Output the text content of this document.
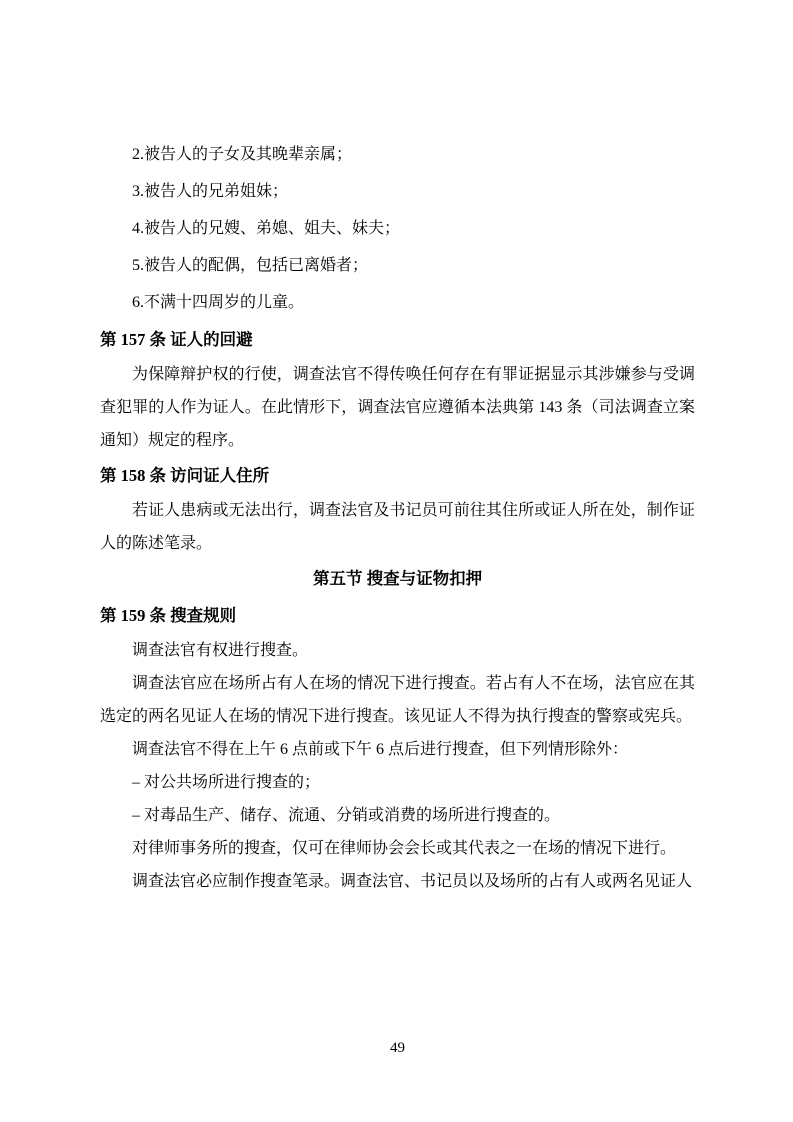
2.被告人的子女及其晚辈亲属；

3.被告人的兄弟姐妹；

4.被告人的兄嫂、弟媳、姐夫、妹夫；

5.被告人的配偶，包括已离婚者；

6.不满十四周岁的儿童。

第 157 条 证人的回避

为保障辩护权的行使，调查法官不得传唤任何存在有罪证据显示其涉嫌参与受调查犯罪的人作为证人。在此情形下，调查法官应遵循本法典第 143 条（司法调查立案通知）规定的程序。

第 158 条 访问证人住所

若证人患病或无法出行，调查法官及书记员可前往其住所或证人所在处，制作证人的陈述笔录。

第五节 搜查与证物扣押
第 159 条 搜查规则

调查法官有权进行搜查。

调查法官应在场所占有人在场的情况下进行搜查。若占有人不在场，法官应在其选定的两名见证人在场的情况下进行搜查。该见证人不得为执行搜查的警察或宪兵。

调查法官不得在上午 6 点前或下午 6 点后进行搜查，但下列情形除外：

– 对公共场所进行搜查的；

– 对毒品生产、储存、流通、分销或消费的场所进行搜查的。

对律师事务所的搜查，仅可在律师协会会长或其代表之一在场的情况下进行。

调查法官必应制作搜查笔录。调查法官、书记员以及场所的占有人或两名见证人

49
